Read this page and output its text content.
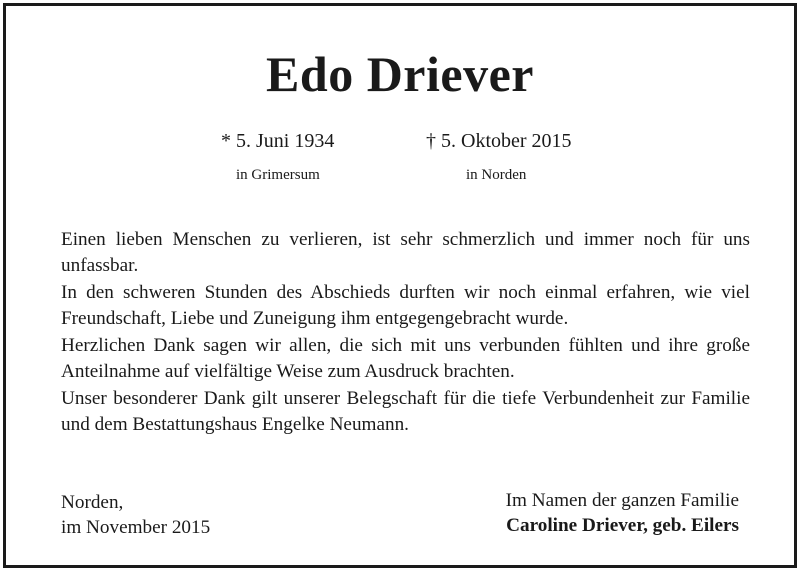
Edo Driever
* 5. Juni 1934	† 5. Oktober 2015
in Grimersum	in Norden

Einen lieben Menschen zu verlieren, ist sehr schmerzlich und immer noch für uns unfassbar.

In den schweren Stunden des Abschieds durften wir noch einmal erfahren, wie viel Freundschaft, Liebe und Zuneigung ihm entgegengebracht wurde.

Herzlichen Dank sagen wir allen, die sich mit uns verbunden fühlten und ihre große Anteilnahme auf vielfältige Weise zum Ausdruck brachten.

Unser besonderer Dank gilt unserer Belegschaft für die tiefe Verbundenheit zur Familie und dem Bestattungshaus Engelke Neumann.

Norden,
im November 2015
Im Namen der ganzen Familie
Caroline Driever, geb. Eilers
